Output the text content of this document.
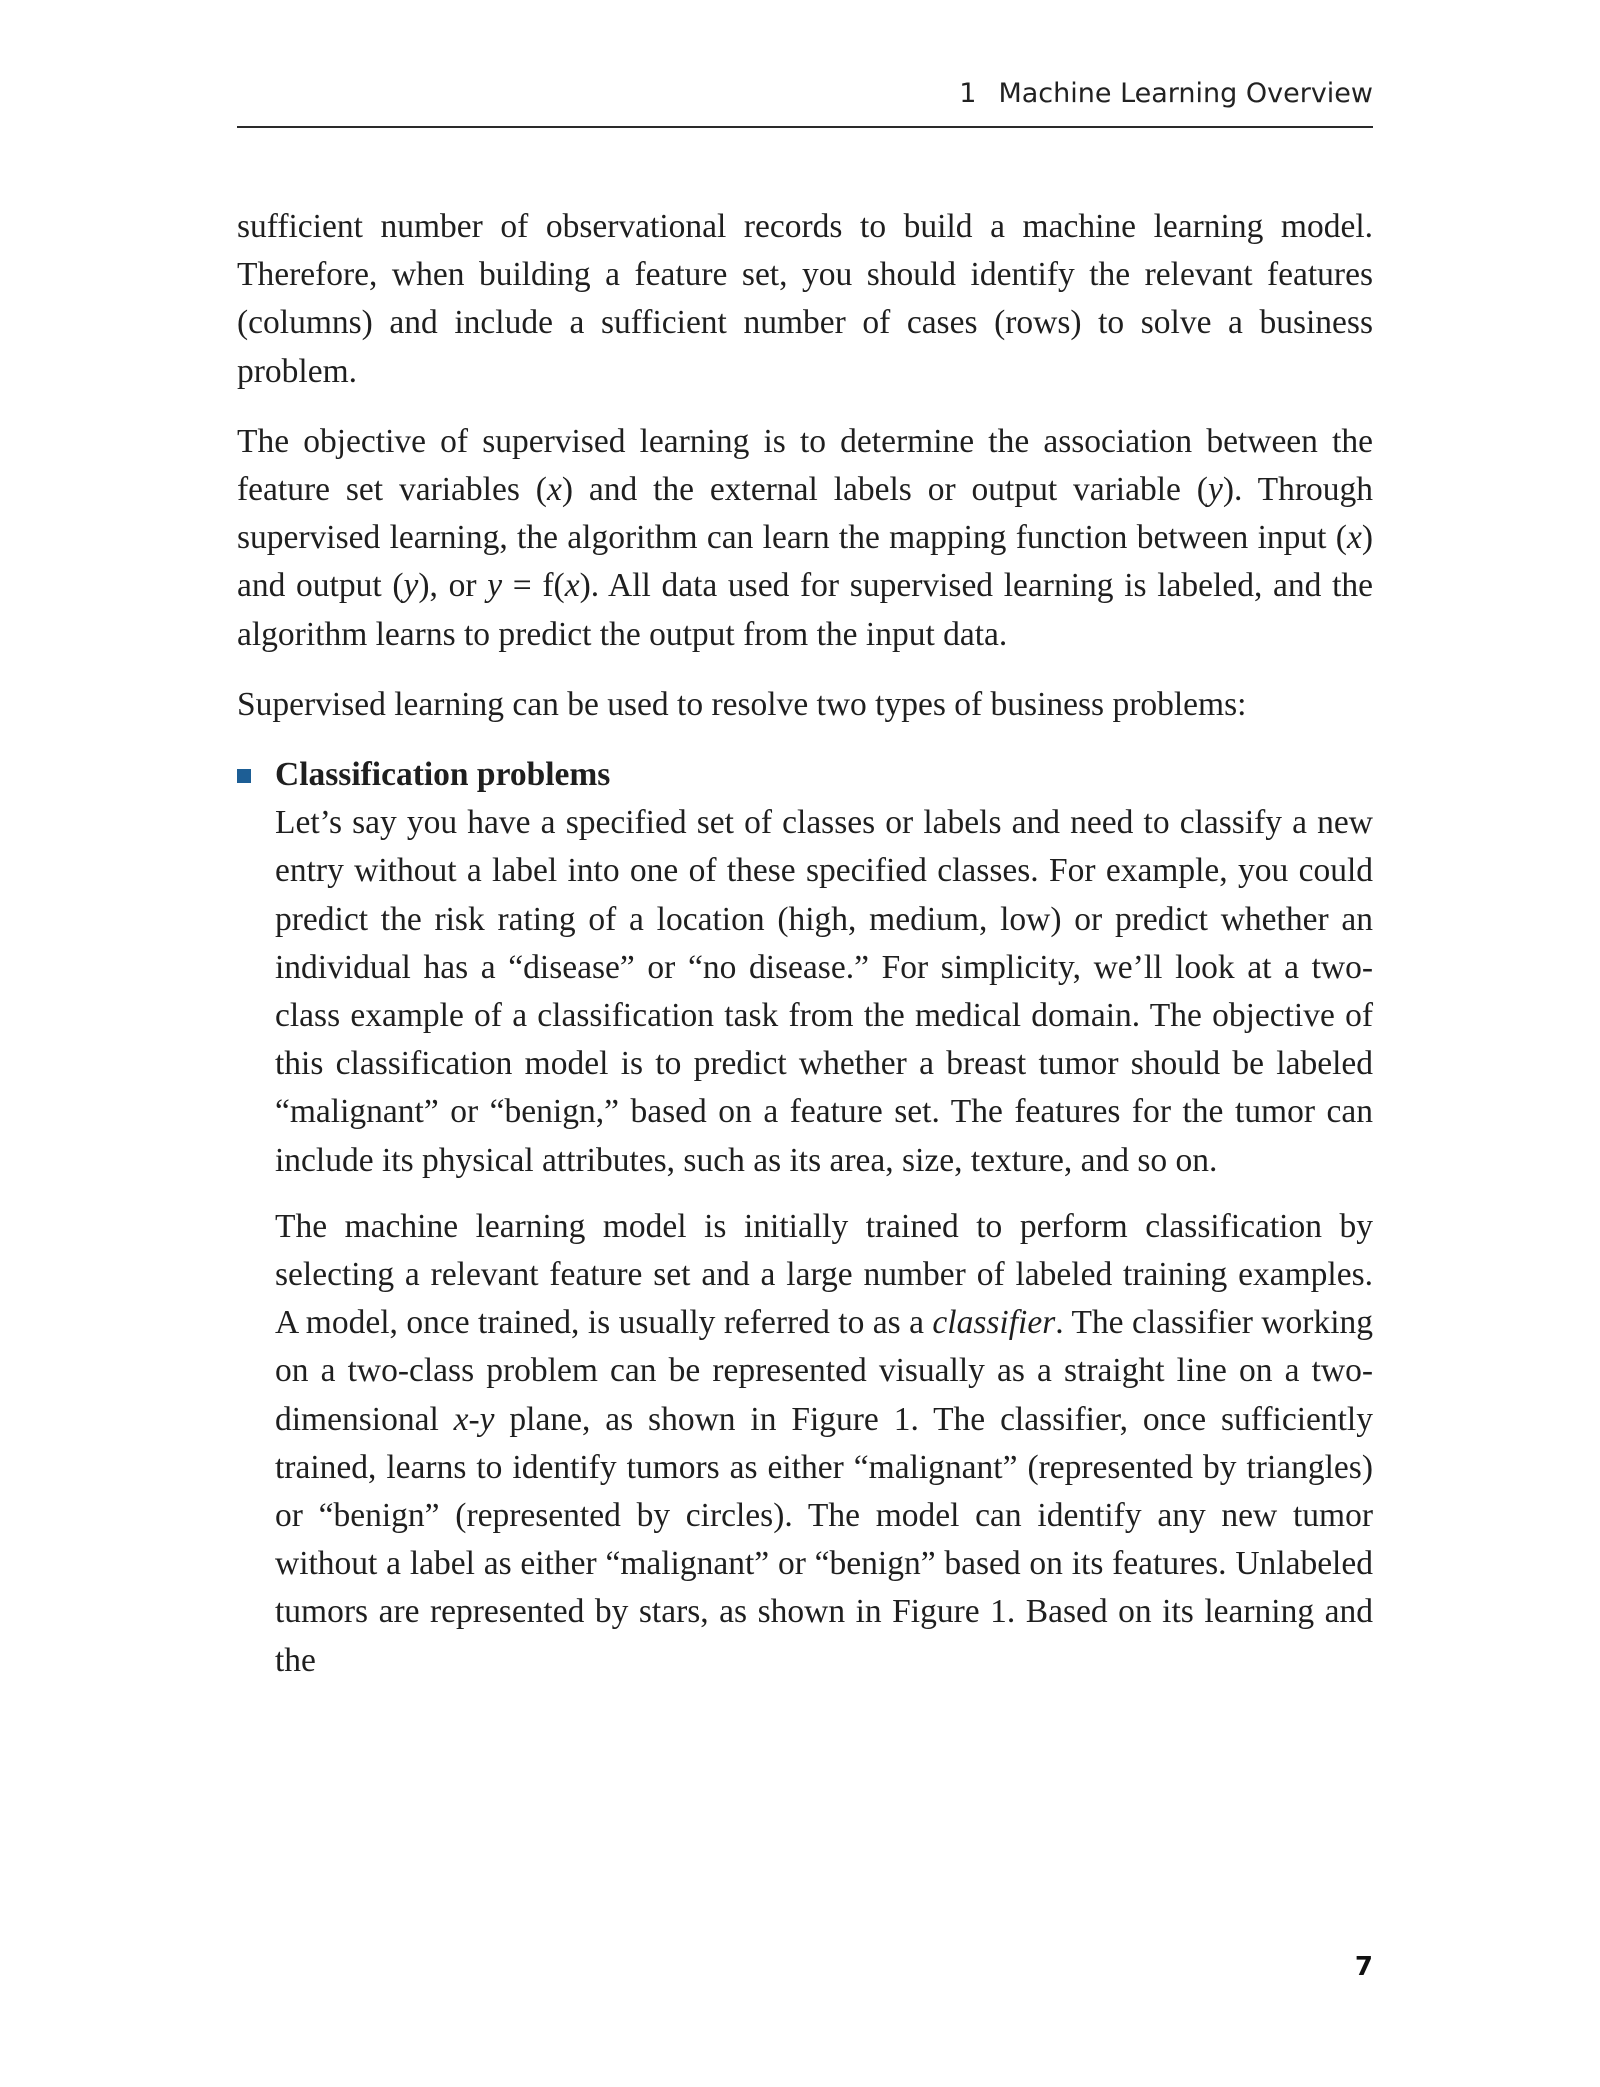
1 Machine Learning Overview

sufficient number of observational records to build a machine learning model. Therefore, when building a feature set, you should identify the relevant features (columns) and include a sufficient number of cases (rows) to solve a business problem.

The objective of supervised learning is to determine the association between the feature set variables (x) and the external labels or output variable (y). Through supervised learning, the algorithm can learn the mapping function between input (x) and output (y), or y = f(x). All data used for supervised learning is labeled, and the algorithm learns to predict the output from the input data.

Supervised learning can be used to resolve two types of business problems:

Classification problems

Let’s say you have a specified set of classes or labels and need to classify a new entry without a label into one of these specified classes. For example, you could predict the risk rating of a location (high, medium, low) or predict whether an individual has a “disease” or “no disease.” For simplicity, we’ll look at a two-class example of a classification task from the medical domain. The objective of this classification model is to predict whether a breast tumor should be labeled “malignant” or “benign,” based on a feature set. The features for the tumor can include its physical attributes, such as its area, size, texture, and so on.

The machine learning model is initially trained to perform classification by selecting a relevant feature set and a large number of labeled training examples. A model, once trained, is usually referred to as a classifier. The classifier working on a two-class problem can be represented visually as a straight line on a two-dimensional x-y plane, as shown in Figure 1. The classifier, once sufficiently trained, learns to identify tumors as either “malignant” (represented by triangles) or “benign” (represented by circles). The model can identify any new tumor without a label as either “malignant” or “benign” based on its features. Unlabeled tumors are represented by stars, as shown in Figure 1. Based on its learning and the

7
